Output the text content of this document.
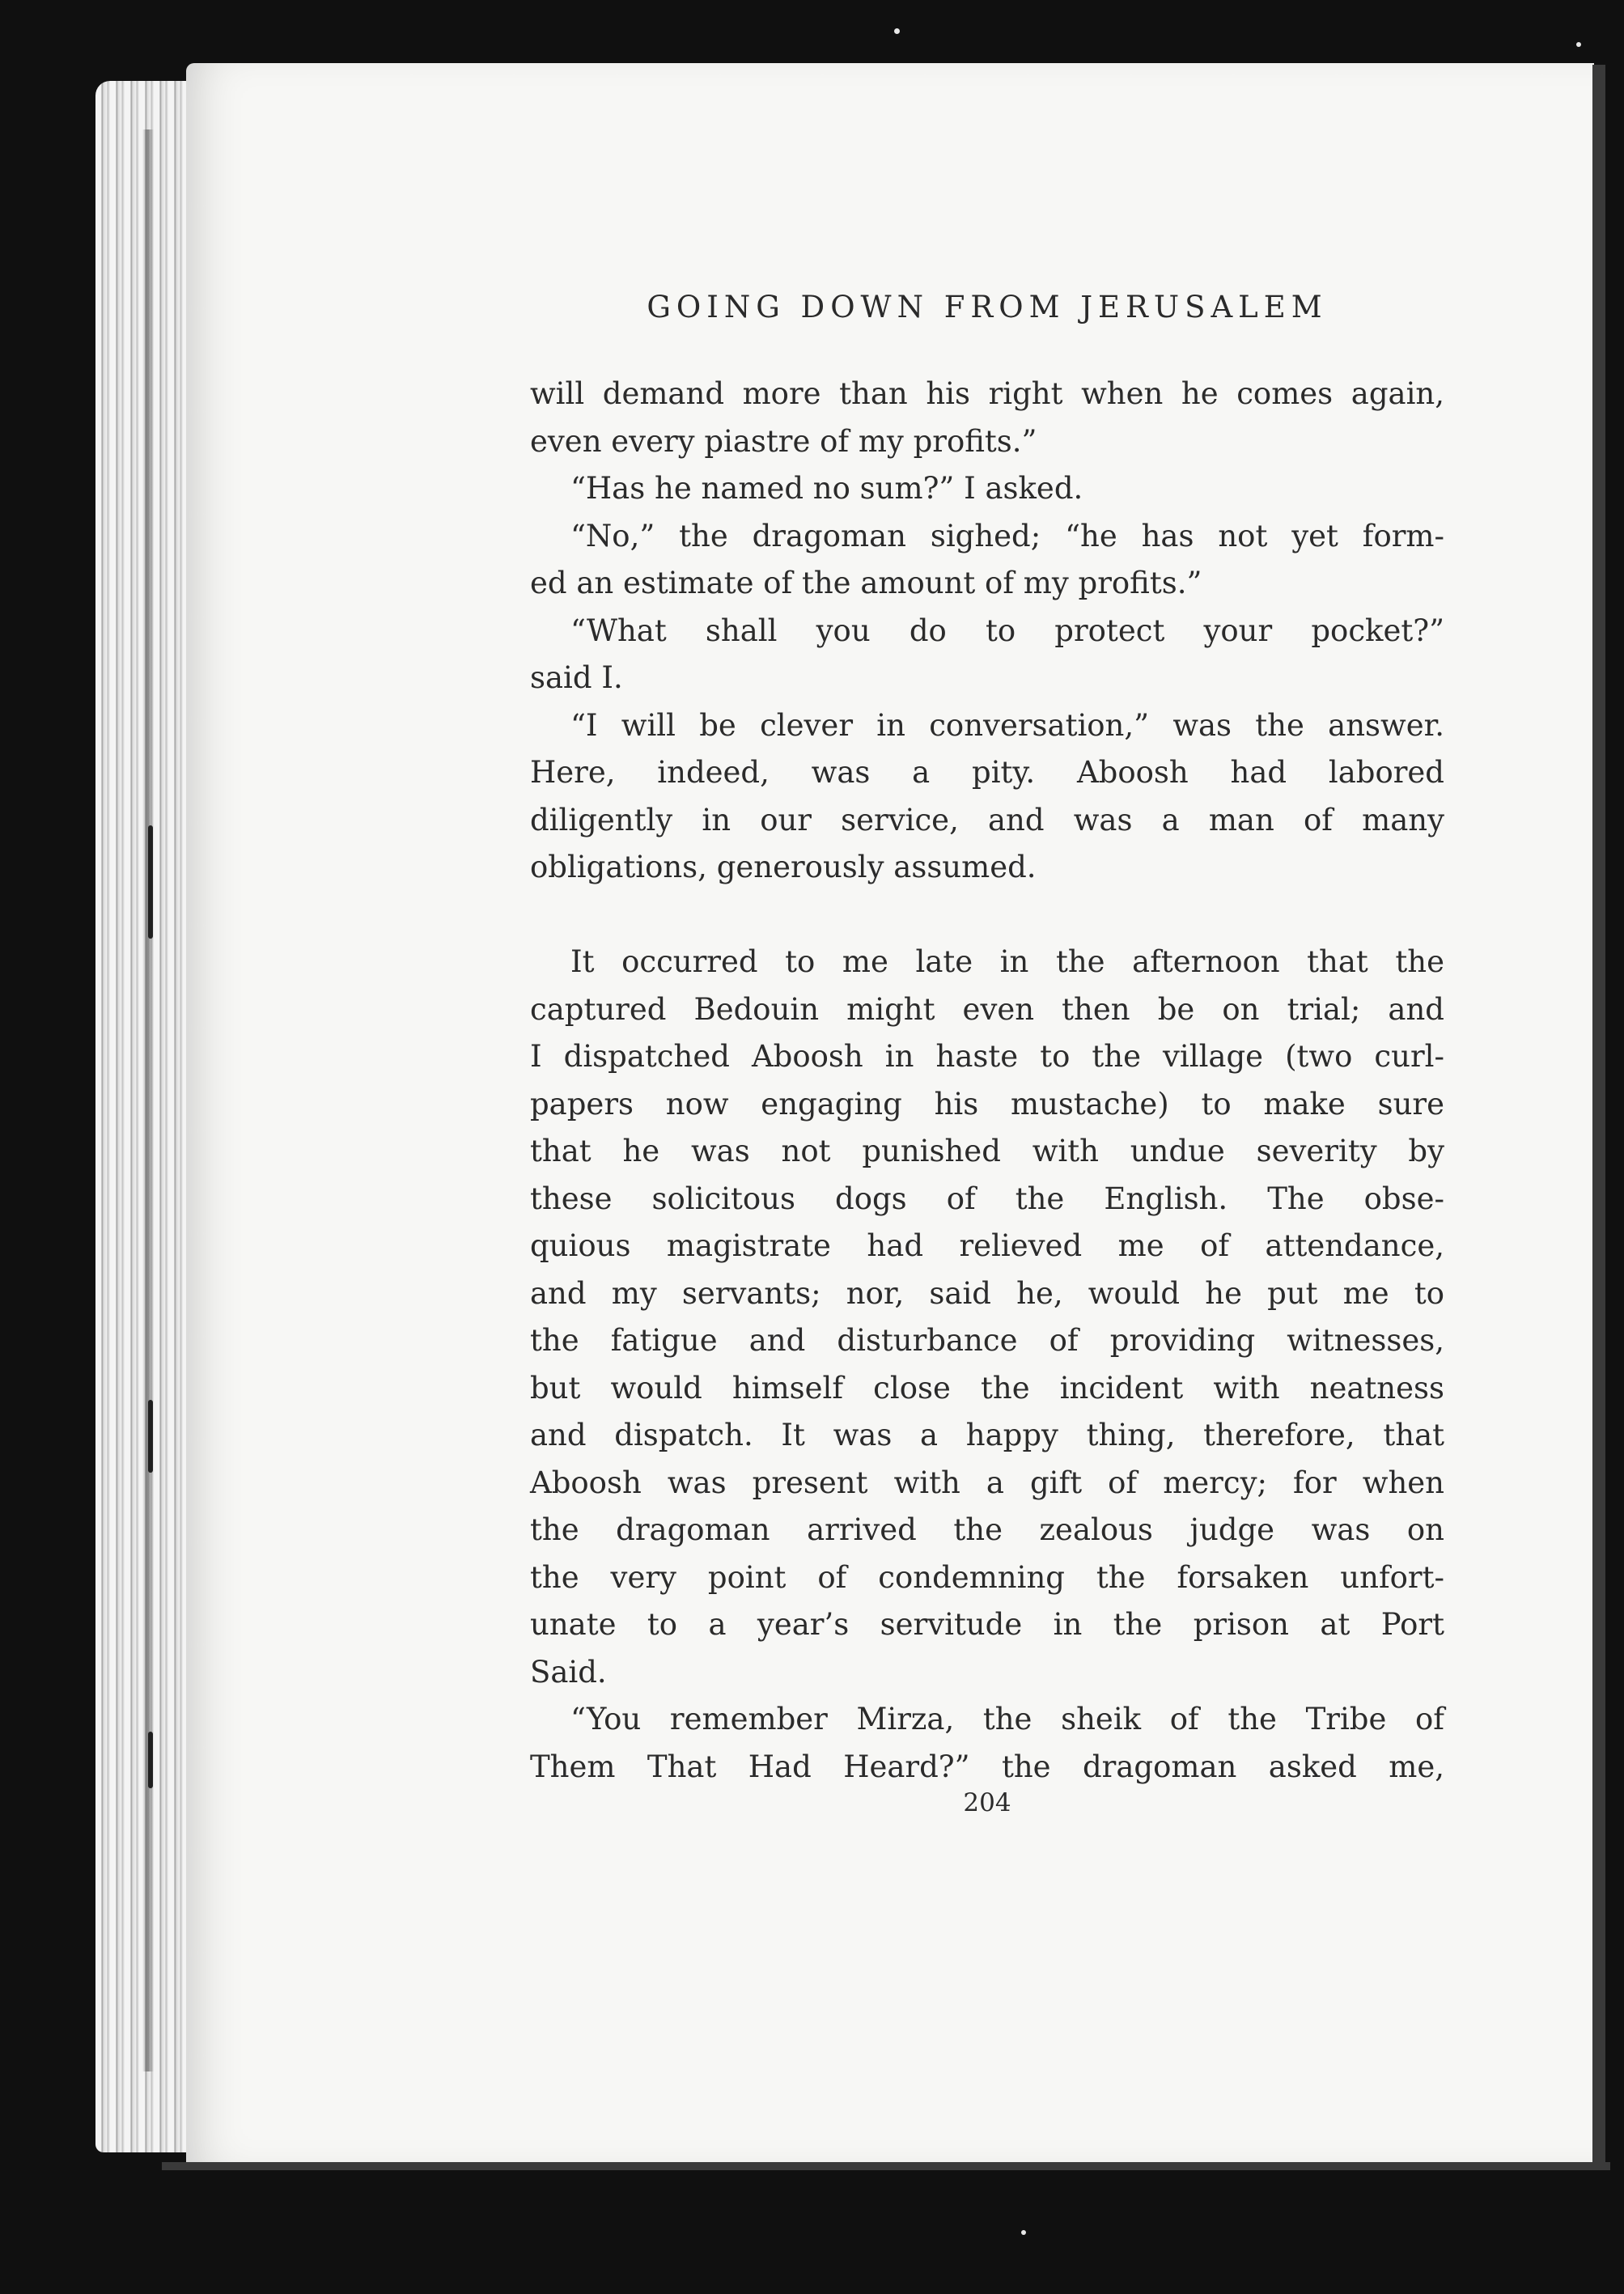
GOING DOWN FROM JERUSALEM
will demand more than his right when he comes again,
even every piastre of my profits.”
“Has he named no sum?” I asked.
“No,” the dragoman sighed; “he has not yet form-
ed an estimate of the amount of my profits.”
“What shall you do to protect your pocket?”
said I.
“I will be clever in conversation,” was the answer.
Here, indeed, was a pity. Aboosh had labored
diligently in our service, and was a man of many
obligations, generously assumed.
It occurred to me late in the afternoon that the
captured Bedouin might even then be on trial; and
I dispatched Aboosh in haste to the village (two curl-
papers now engaging his mustache) to make sure
that he was not punished with undue severity by
these solicitous dogs of the English. The obse-
quious magistrate had relieved me of attendance,
and my servants; nor, said he, would he put me to
the fatigue and disturbance of providing witnesses,
but would himself close the incident with neatness
and dispatch. It was a happy thing, therefore, that
Aboosh was present with a gift of mercy; for when
the dragoman arrived the zealous judge was on
the very point of condemning the forsaken unfort-
unate to a year’s servitude in the prison at Port
Said.
“You remember Mirza, the sheik of the Tribe of
Them That Had Heard?” the dragoman asked me,
204
